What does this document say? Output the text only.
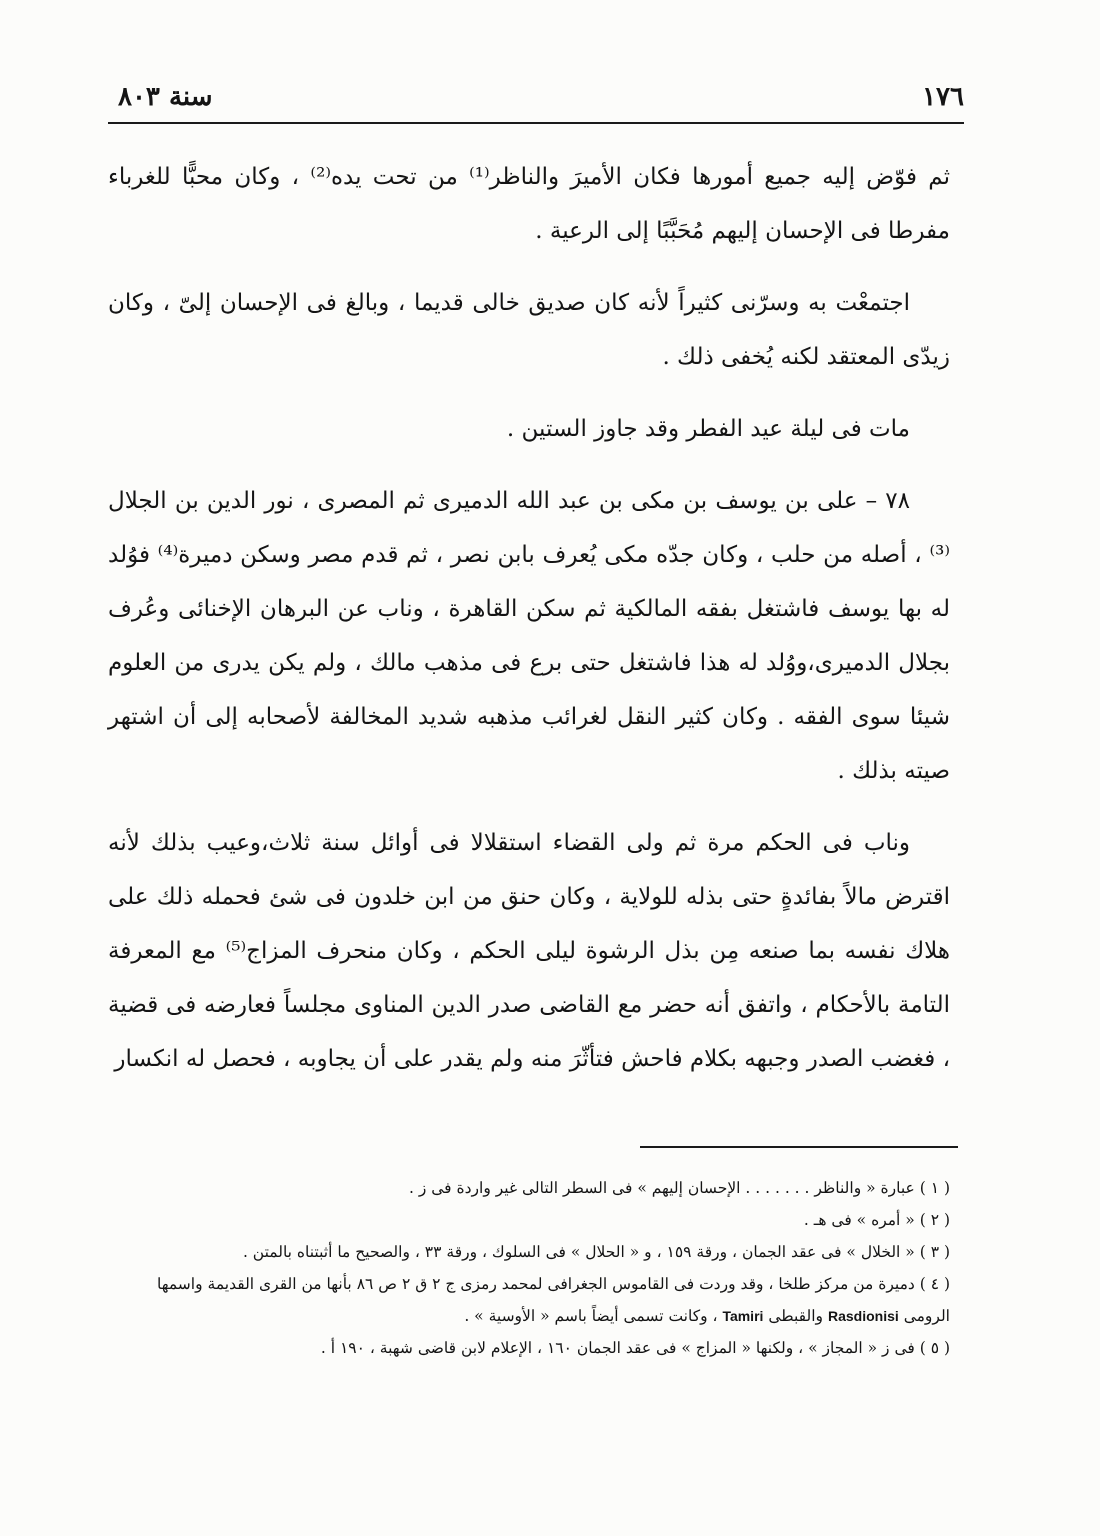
١٧٦
سنة ٨٠٣

ثم فوّض إليه جميع أمورها فكان الأميرَ والناظر⁽¹⁾ من تحت يده⁽²⁾ ، وكان محبًّا للغرباء مفرطا فى الإحسان إليهم مُحَبَّبًا إلى الرعية .

اجتمعْت به وسرّنى كثيراً لأنه كان صديق خالى قديما ، وبالغ فى الإحسان إلىّ ، وكان زيدّى المعتقد لكنه يُخفى ذلك .

مات فى ليلة عيد الفطر وقد جاوز الستين .

٧٨ – على بن يوسف بن مكى بن عبد الله الدميرى ثم المصرى ، نور الدين بن الجلال ⁽³⁾ ، أصله من حلب ، وكان جدّه مكى يُعرف بابن نصر ، ثم قدم مصر وسكن دميرة⁽⁴⁾ فوُلد له بها يوسف فاشتغل بفقه المالكية ثم سكن القاهرة ، وناب عن البرهان الإخنائى وعُرف بجلال الدميرى،ووُلد له هذا فاشتغل حتى برع فى مذهب مالك ، ولم يكن يدرى من العلوم شيئا سوى الفقه . وكان كثير النقل لغرائب مذهبه شديد المخالفة لأصحابه إلى أن اشتهر صيته بذلك .

وناب فى الحكم مرة ثم ولى القضاء استقلالا فى أوائل سنة ثلاث،وعيب بذلك لأنه اقترض مالاً بفائدةٍ حتى بذله للولاية ، وكان حنق من ابن خلدون فى شئ فحمله ذلك على هلاك نفسه بما صنعه مِن بذل الرشوة ليلى الحكم ، وكان منحرف المزاج⁽⁵⁾ مع المعرفة التامة بالأحكام ، واتفق أنه حضر مع القاضى صدر الدين المناوى مجلساً فعارضه فى قضية ، فغضب الصدر وجبهه بكلام فاحش فتأثّرَ منه ولم يقدر على أن يجاوبه ، فحصل له انكسار

( ١ ) عبارة « والناظر . . . . . . . الإحسان إليهم » فى السطر التالى غير واردة فى ز .

( ٢ ) « أمره » فى هـ .

( ٣ ) « الخلال » فى عقد الجمان ، ورقة ١٥٩ ، و « الحلال » فى السلوك ، ورقة ٣٣ ، والصحيح ما أثبتناه بالمتن .

( ٤ ) دميرة من مركز طلخا ، وقد وردت فى القاموس الجغرافى لمحمد رمزى ج ٢ ق ٢ ص ٨٦ بأنها من القرى القديمة واسمها الرومى Rasdionisi والقبطى Tamiri ، وكانت تسمى أيضاً باسم « الأوسية » .

( ٥ ) فى ز « المجاز » ، ولكنها « المزاج » فى عقد الجمان ١٦٠ ، الإعلام لابن قاضى شهبة ، ١٩٠ أ .
